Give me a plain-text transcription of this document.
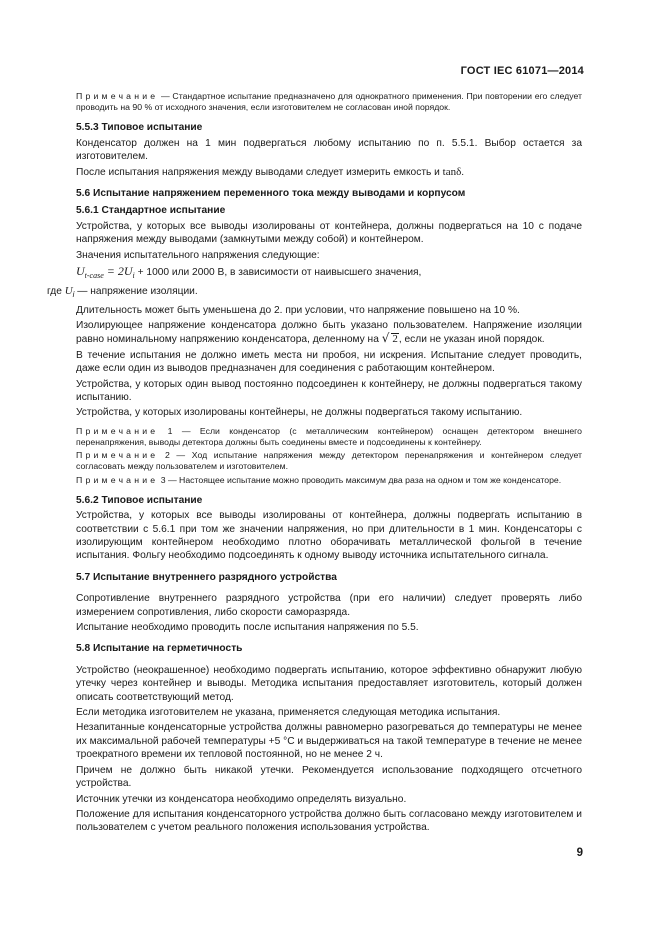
ГОСТ IEC 61071—2014

Примечание — Стандартное испытание предназначено для однократного применения. При повторении его следует проводить на 90 % от исходного значения, если изготовителем не согласован иной порядок.

5.5.3 Типовое испытание

Конденсатор должен на 1 мин подвергаться любому испытанию по п. 5.5.1. Выбор остается за изготовителем.

После испытания напряжения между выводами следует измерить емкость и tanδ.

5.6 Испытание напряжением переменного тока между выводами и корпусом
5.6.1 Стандартное испытание

Устройства, у которых все выводы изолированы от контейнера, должны подвергаться на 10 с подаче напряжения между выводами (замкнутыми между собой) и контейнером.

Значения испытательного напряжения следующие:

$U_{t-case} = 2U_i + 1000$ или 2000 В, в зависимости от наивысшего значения,

где $U_i$ — напряжение изоляции.

Длительность может быть уменьшена до 2. при условии, что напряжение повышено на 10 %.

Изолирующее напряжение конденсатора должно быть указано пользователем. Напряжение изоляции равно номинальному напряжению конденсатора, деленному на √ 2, если не указан иной порядок.

В течение испытания не должно иметь места ни пробоя, ни искрения. Испытание следует проводить, даже если один из выводов предназначен для соединения с работающим контейнером.

Устройства, у которых один вывод постоянно подсоединен к контейнеру, не должны подвергаться такому испытанию.

Устройства, у которых изолированы контейнеры, не должны подвергаться такому испытанию.

Примечание 1 — Если конденсатор (с металлическим контейнером) оснащен детектором внешнего перенапряжения, выводы детектора должны быть соединены вместе и подсоединены к контейнеру.

Примечание 2 — Ход испытание напряжения между детектором перенапряжения и контейнером следует согласовать между пользователем и изготовителем.

Примечание 3 — Настоящее испытание можно проводить максимум два раза на одном и том же конденсаторе.

5.6.2 Типовое испытание

Устройства, у которых все выводы изолированы от контейнера, должны подвергать испытанию в соответствии с 5.6.1 при том же значении напряжения, но при длительности в 1 мин. Конденсаторы с изолирующим контейнером необходимо плотно оборачивать металлической фольгой в течение испытания. Фольгу необходимо подсоединять к одному выводу источника испытательного сигнала.

5.7 Испытание внутреннего разрядного устройства

Сопротивление внутреннего разрядного устройства (при его наличии) следует проверять либо измерением сопротивления, либо скорости саморазряда.

Испытание необходимо проводить после испытания напряжения по 5.5.

5.8 Испытание на герметичность

Устройство (неокрашенное) необходимо подвергать испытанию, которое эффективно обнаружит любую утечку через контейнер и выводы. Методика испытания предоставляет изготовитель, который должен описать соответствующий метод.

Если методика изготовителем не указана, применяется следующая методика испытания.

Незапитанные конденсаторные устройства должны равномерно разогреваться до температуры не менее их максимальной рабочей температуры +5 °С и выдерживаться на такой температуре в течение не менее троекратного времени их тепловой постоянной, но не менее 2 ч.

Причем не должно быть никакой утечки. Рекомендуется использование подходящего отсчетного устройства.

Источник утечки из конденсатора необходимо определять визуально.

Положение для испытания конденсаторного устройства должно быть согласовано между изготовителем и пользователем с учетом реального положения использования устройства.

9
